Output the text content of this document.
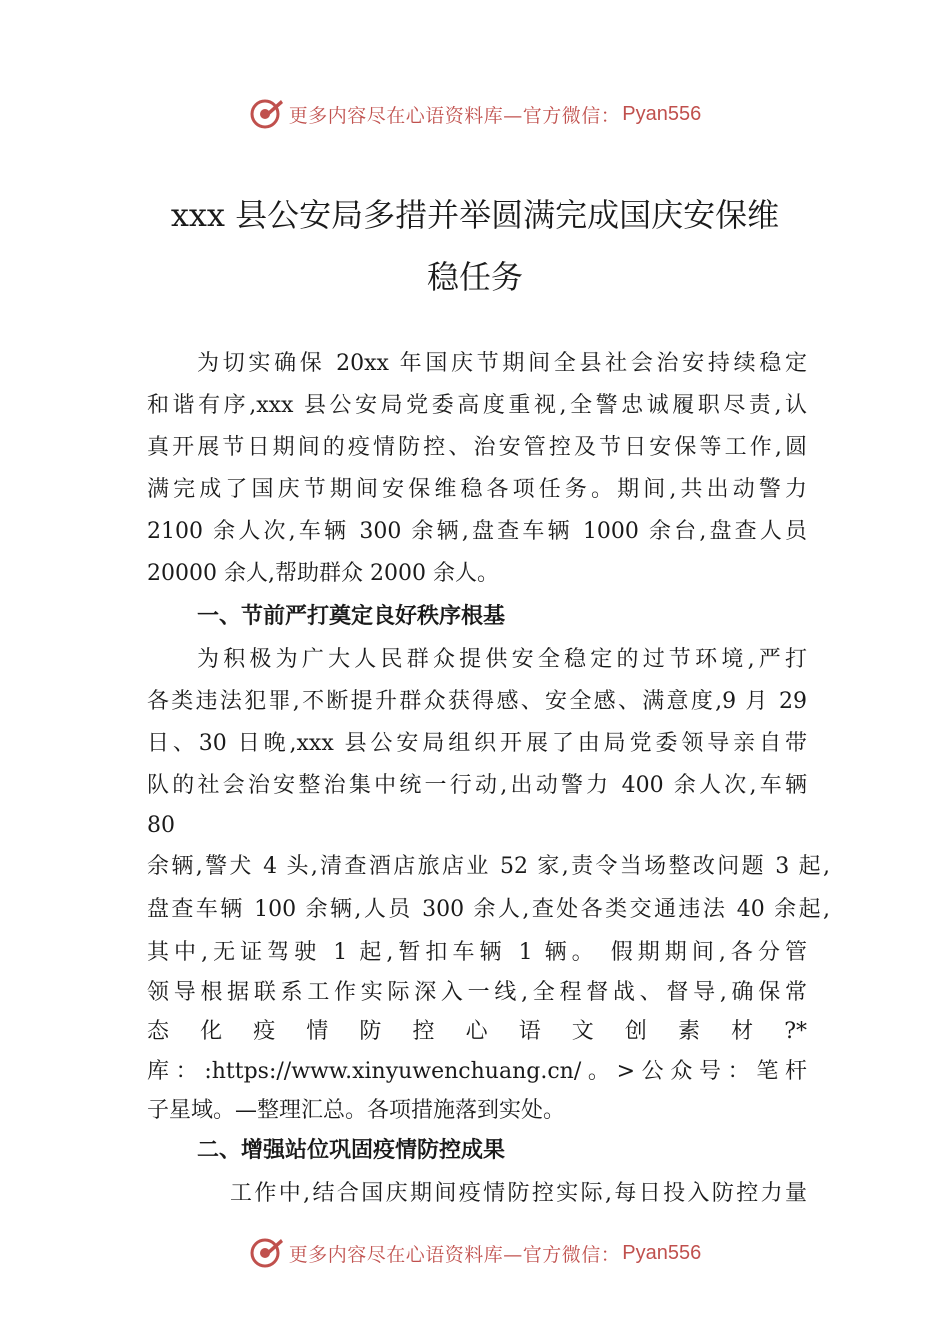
更多内容尽在心语资料库—官方微信： Pyan556
xxx 县公安局多措并举圆满完成国庆安保维
稳任务
为切实确保 20xx 年国庆节期间全县社会治安持续稳定
和谐有序,xxx 县公安局党委高度重视,全警忠诚履职尽责,认
真开展节日期间的疫情防控、治安管控及节日安保等工作,圆
满完成了国庆节期间安保维稳各项任务。期间,共出动警力
2100 余人次,车辆 300 余辆,盘查车辆 1000 余台,盘查人员
20000 余人,帮助群众 2000 余人。
一、节前严打奠定良好秩序根基
为积极为广大人民群众提供安全稳定的过节环境,严打
各类违法犯罪,不断提升群众获得感、安全感、满意度,9 月 29
日、30 日晚,xxx 县公安局组织开展了由局党委领导亲自带
队的社会治安整治集中统一行动,出动警力 400 余人次,车辆
80
余辆,警犬 4 头,清查酒店旅店业 52 家,责令当场整改问题 3 起,
盘查车辆 100 余辆,人员 300 余人,查处各类交通违法 40 余起,
其中,无证驾驶 1 起,暂扣车辆 1 辆。 假期期间,各分管
领导根据联系工作实际深入一线,全程督战、督导,确保常
态 化 疫 情 防 控 心 语 文 创 素 材 ?*
库：:https://www.xinyuwenchuang.cn/。>公众号：笔杆
子星域。—整理汇总。各项措施落到实处。
二、增强站位巩固疫情防控成果
工作中,结合国庆期间疫情防控实际,每日投入防控力量
更多内容尽在心语资料库—官方微信： Pyan556
